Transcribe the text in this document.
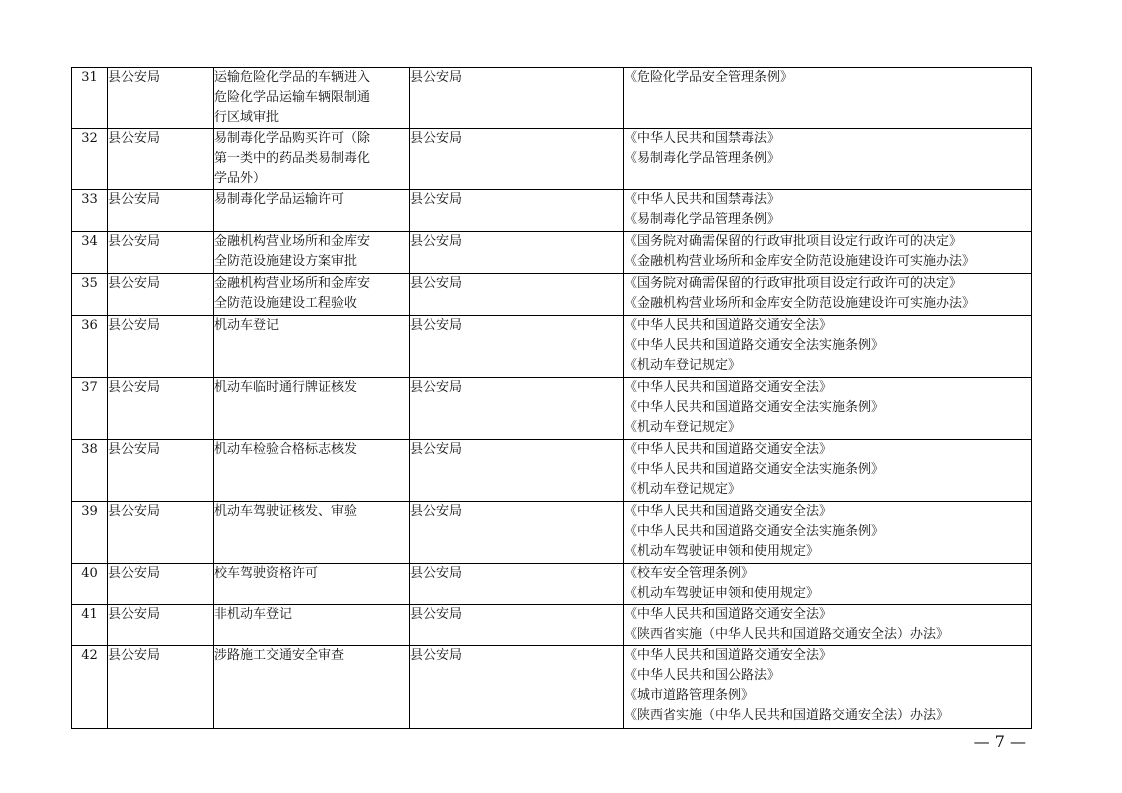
31	县公安局	运输危险化学品的车辆进入
危险化学品运输车辆限制通
行区域审批	县公安局	《危险化学品安全管理条例》

32	县公安局	易制毒化学品购买许可（除
第一类中的药品类易制毒化
学品外）	县公安局	《中华人民共和国禁毒法》
《易制毒化学品管理条例》

33	县公安局	易制毒化学品运输许可	县公安局	《中华人民共和国禁毒法》
《易制毒化学品管理条例》

34	县公安局	金融机构营业场所和金库安
全防范设施建设方案审批	县公安局	《国务院对确需保留的行政审批项目设定行政许可的决定》
《金融机构营业场所和金库安全防范设施建设许可实施办法》

35	县公安局	金融机构营业场所和金库安
全防范设施建设工程验收	县公安局	《国务院对确需保留的行政审批项目设定行政许可的决定》
《金融机构营业场所和金库安全防范设施建设许可实施办法》

36	县公安局	机动车登记	县公安局	《中华人民共和国道路交通安全法》
《中华人民共和国道路交通安全法实施条例》
《机动车登记规定》

37	县公安局	机动车临时通行牌证核发	县公安局	《中华人民共和国道路交通安全法》
《中华人民共和国道路交通安全法实施条例》
《机动车登记规定》

38	县公安局	机动车检验合格标志核发	县公安局	《中华人民共和国道路交通安全法》
《中华人民共和国道路交通安全法实施条例》
《机动车登记规定》

39	县公安局	机动车驾驶证核发、审验	县公安局	《中华人民共和国道路交通安全法》
《中华人民共和国道路交通安全法实施条例》
《机动车驾驶证申领和使用规定》

40	县公安局	校车驾驶资格许可	县公安局	《校车安全管理条例》
《机动车驾驶证申领和使用规定》

41	县公安局	非机动车登记	县公安局	《中华人民共和国道路交通安全法》
《陕西省实施（中华人民共和国道路交通安全法）办法》

42	县公安局	涉路施工交通安全审查	县公安局	《中华人民共和国道路交通安全法》
《中华人民共和国公路法》
《城市道路管理条例》
《陕西省实施（中华人民共和国道路交通安全法）办法》
— 7 —
